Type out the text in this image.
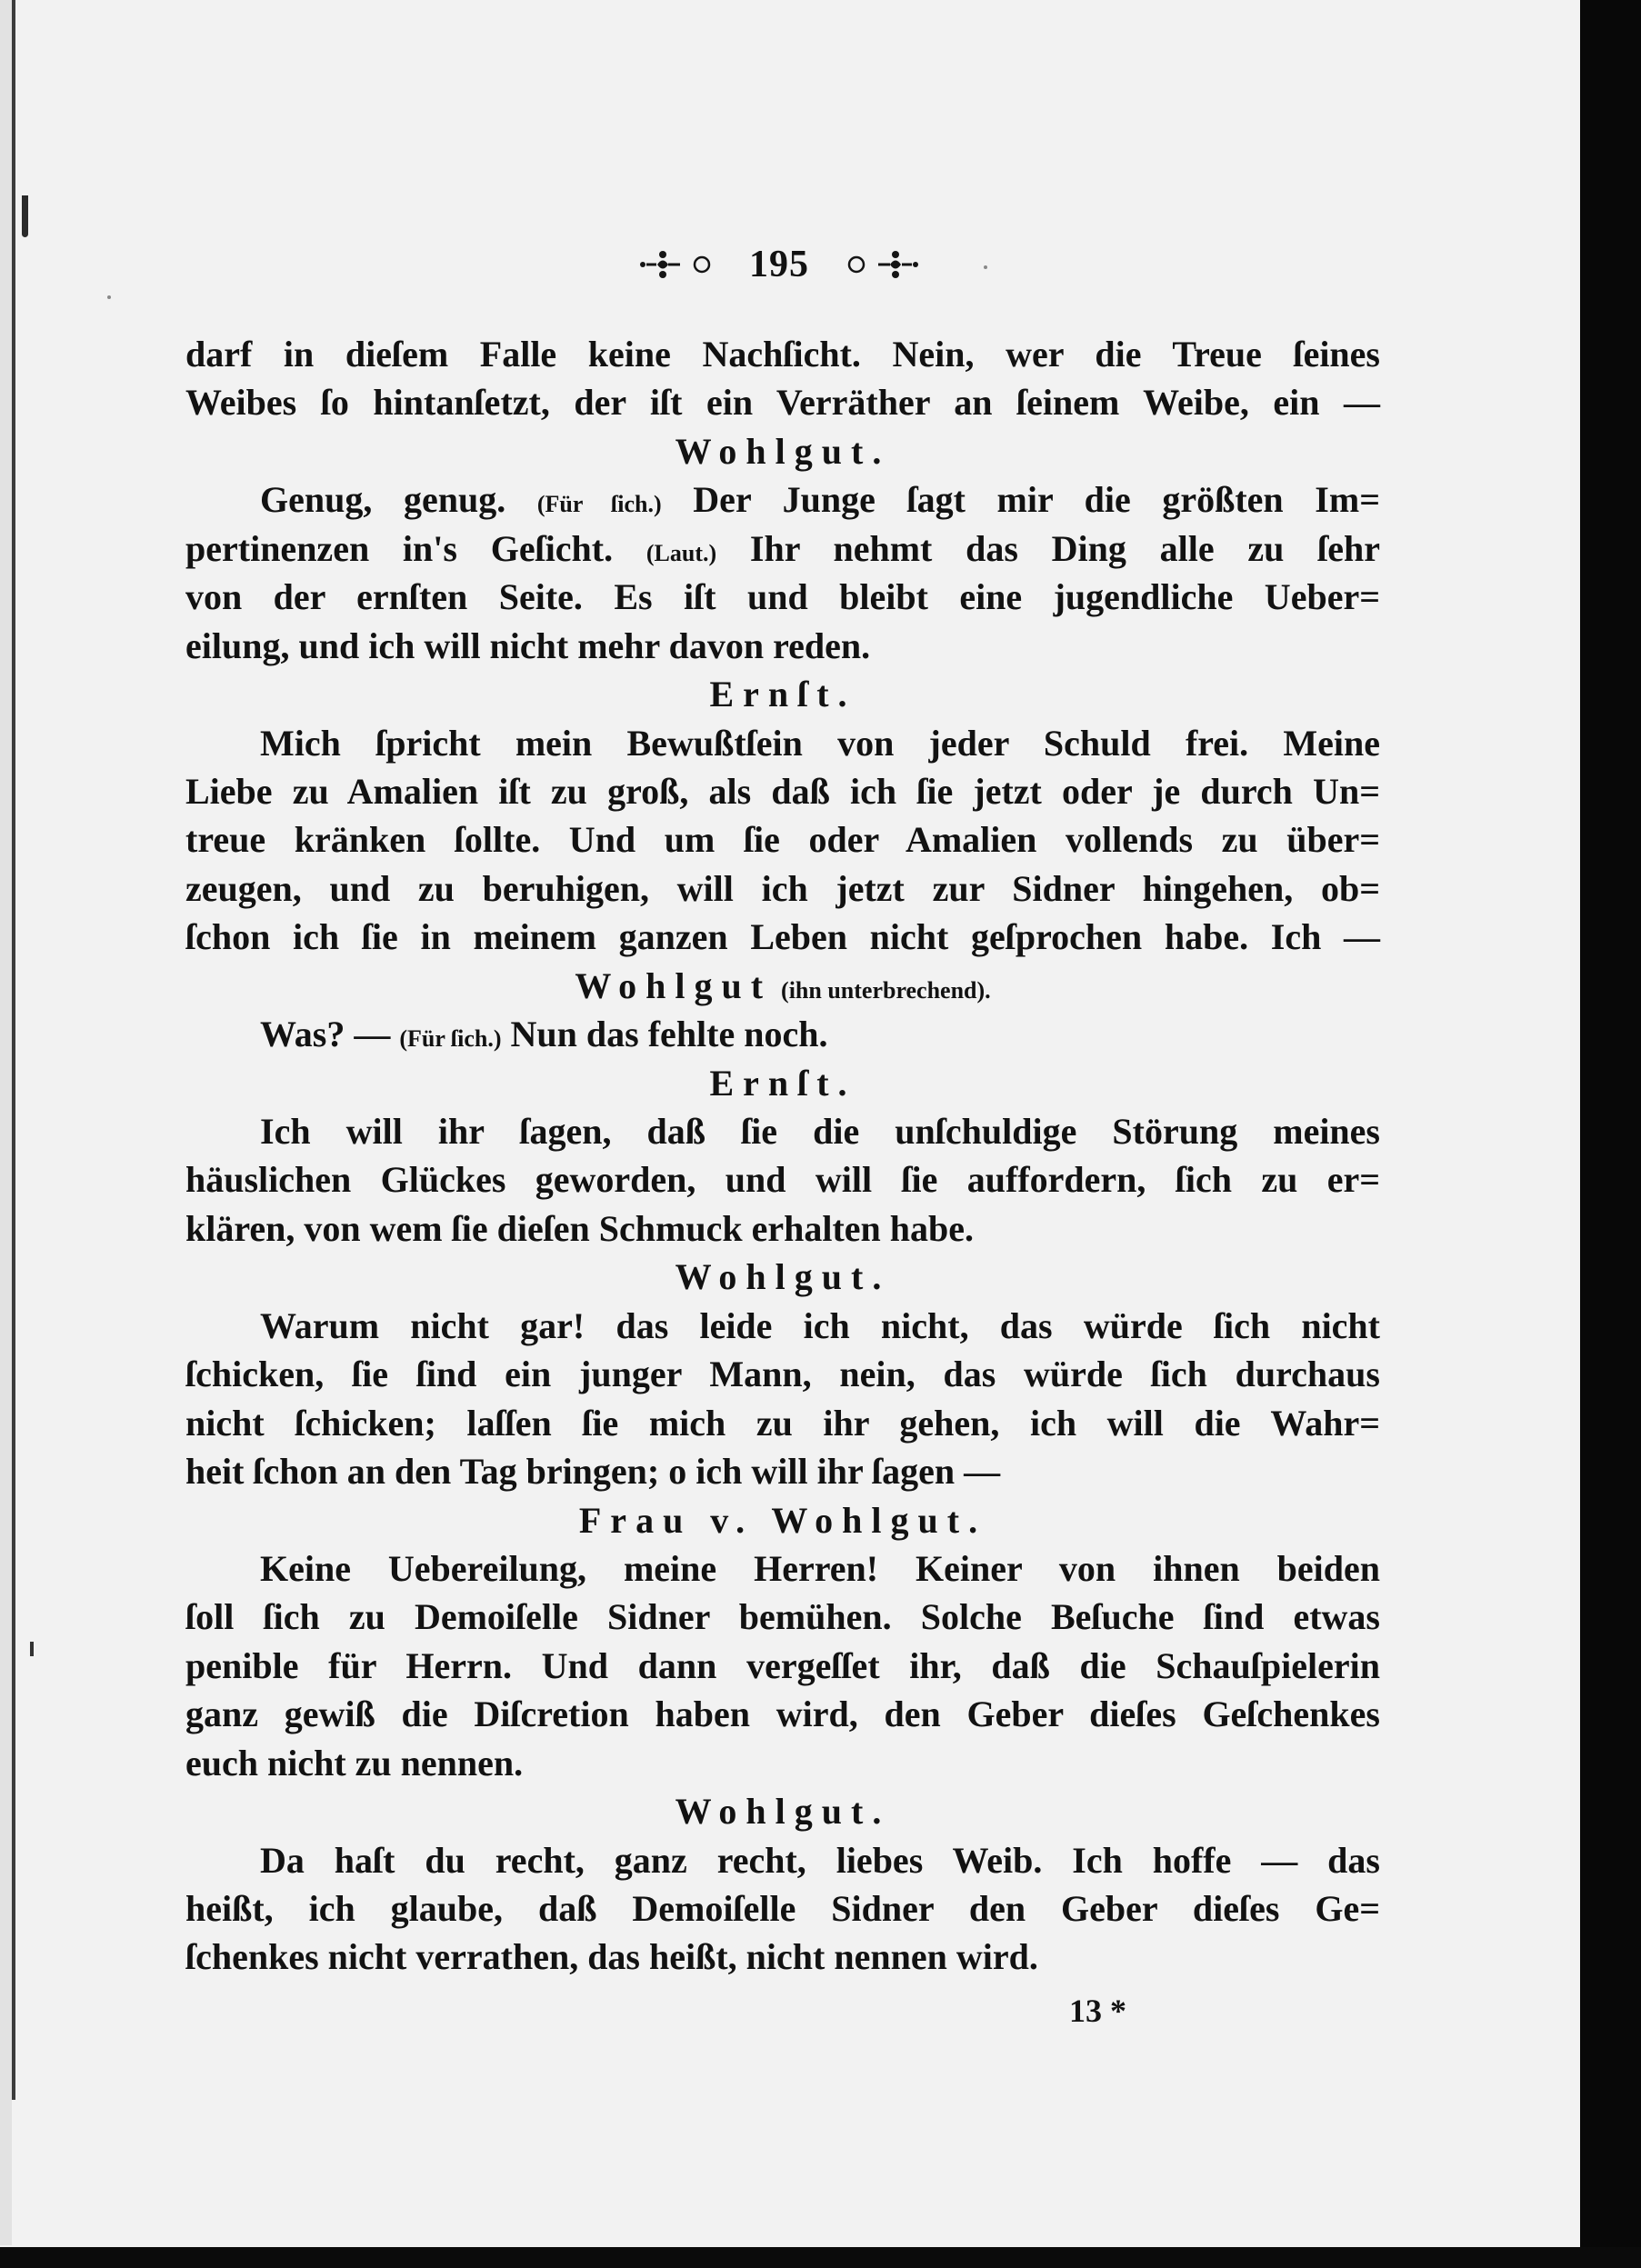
195
darf in dieſem Falle keine Nachſicht. Nein, wer die Treue ſeines
Weibes ſo hintanſetzt, der iſt ein Verräther an ſeinem Weibe, ein —
Wohlgut.
Genug, genug. (Für ſich.) Der Junge ſagt mir die größten Im=
pertinenzen in's Geſicht. (Laut.) Ihr nehmt das Ding alle zu ſehr
von der ernſten Seite. Es iſt und bleibt eine jugendliche Ueber=
eilung, und ich will nicht mehr davon reden.
Ernſt.
Mich ſpricht mein Bewußtſein von jeder Schuld frei. Meine
Liebe zu Amalien iſt zu groß, als daß ich ſie jetzt oder je durch Un=
treue kränken ſollte. Und um ſie oder Amalien vollends zu über=
zeugen, und zu beruhigen, will ich jetzt zur Sidner hingehen, ob=
ſchon ich ſie in meinem ganzen Leben nicht geſprochen habe. Ich —
Wohlgut (ihn unterbrechend).
Was? — (Für ſich.) Nun das fehlte noch.
Ernſt.
Ich will ihr ſagen, daß ſie die unſchuldige Störung meines
häuslichen Glückes geworden, und will ſie auffordern, ſich zu er=
klären, von wem ſie dieſen Schmuck erhalten habe.
Wohlgut.
Warum nicht gar! das leide ich nicht, das würde ſich nicht
ſchicken, ſie ſind ein junger Mann, nein, das würde ſich durchaus
nicht ſchicken; laſſen ſie mich zu ihr gehen, ich will die Wahr=
heit ſchon an den Tag bringen; o ich will ihr ſagen —
Frau v. Wohlgut.
Keine Uebereilung, meine Herren! Keiner von ihnen beiden
ſoll ſich zu Demoiſelle Sidner bemühen. Solche Beſuche ſind etwas
penible für Herrn. Und dann vergeſſet ihr, daß die Schauſpielerin
ganz gewiß die Diſcretion haben wird, den Geber dieſes Geſchenkes
euch nicht zu nennen.
Wohlgut.
Da haſt du recht, ganz recht, liebes Weib. Ich hoffe — das
heißt, ich glaube, daß Demoiſelle Sidner den Geber dieſes Ge=
ſchenkes nicht verrathen, das heißt, nicht nennen wird.
13 *
